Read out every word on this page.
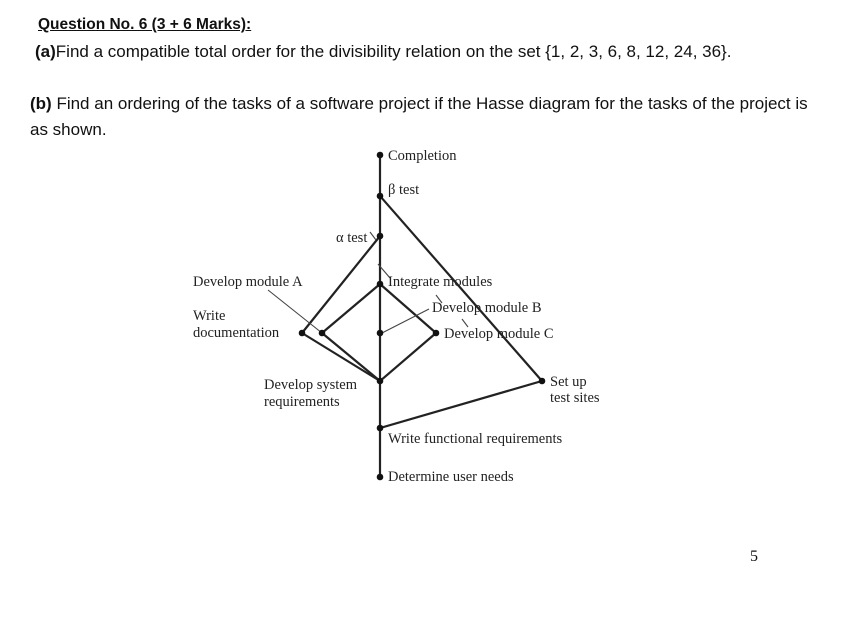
Question No. 6 (3 + 6 Marks):
(a)Find a compatible total order for the divisibility relation on the set {1, 2, 3, 6, 8, 12, 24, 36}.
(b) Find an ordering of the tasks of a software project if the Hasse diagram for the tasks of the project is as shown.
Completion
β test
α test
Develop module A	Integrate modules
Develop module B
Develop module C
Write
documentation
Develop system
requirements
Set up
test sites
Write functional requirements
Determine user needs
5
